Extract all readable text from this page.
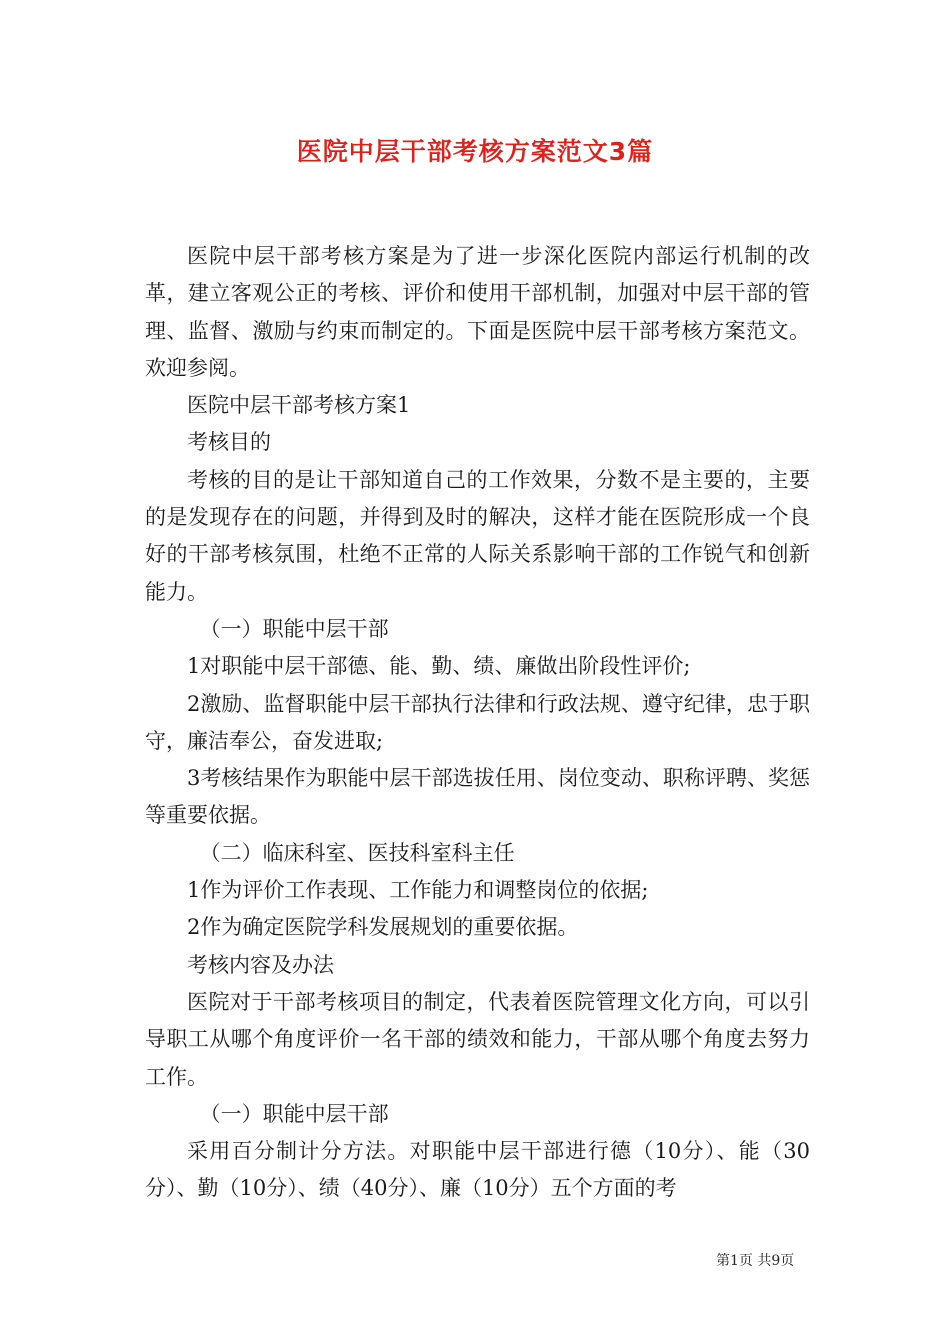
医院中层干部考核方案范文3篇

医院中层干部考核方案是为了进一步深化医院内部运行机制的改革，建立客观公正的考核、评价和使用干部机制，加强对中层干部的管理、监督、激励与约束而制定的。下面是医院中层干部考核方案范文。欢迎参阅。

医院中层干部考核方案1

考核目的

考核的目的是让干部知道自己的工作效果，分数不是主要的，主要的是发现存在的问题，并得到及时的解决，这样才能在医院形成一个良好的干部考核氛围，杜绝不正常的人际关系影响干部的工作锐气和创新能力。

（一）职能中层干部

1对职能中层干部德、能、勤、绩、廉做出阶段性评价;

2激励、监督职能中层干部执行法律和行政法规、遵守纪律，忠于职守，廉洁奉公，奋发进取;

3考核结果作为职能中层干部选拔任用、岗位变动、职称评聘、奖惩等重要依据。

（二）临床科室、医技科室科主任

1作为评价工作表现、工作能力和调整岗位的依据;

2作为确定医院学科发展规划的重要依据。

考核内容及办法

医院对于干部考核项目的制定，代表着医院管理文化方向，可以引导职工从哪个角度评价一名干部的绩效和能力，干部从哪个角度去努力工作。

（一）职能中层干部

采用百分制计分方法。对职能中层干部进行德（10分）、能（30分）、勤（10分）、绩（40分）、廉（10分）五个方面的考

第1页 共9页
